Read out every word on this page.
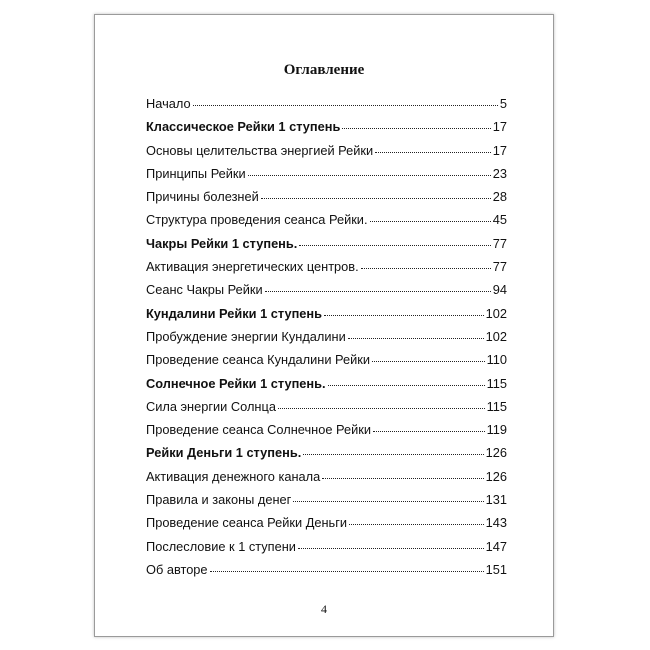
Оглавление
Начало	5
Классическое Рейки 1 ступень	17
Основы целительства энергией Рейки	17
Принципы Рейки	23
Причины болезней	28
Структура проведения сеанса Рейки.	45
Чакры Рейки 1 ступень.	77
Активация энергетических центров.	77
Сеанс Чакры Рейки	94
Кундалини Рейки 1 ступень	102
Пробуждение энергии Кундалини	102
Проведение сеанса Кундалини Рейки	110
Солнечное Рейки 1 ступень.	115
Сила энергии Солнца	115
Проведение сеанса Солнечное Рейки	119
Рейки Деньги 1 ступень.	126
Активация денежного канала	126
Правила и законы денег	131
Проведение сеанса Рейки Деньги	143
Послесловие к 1 ступени	147
Об авторе	151
4
